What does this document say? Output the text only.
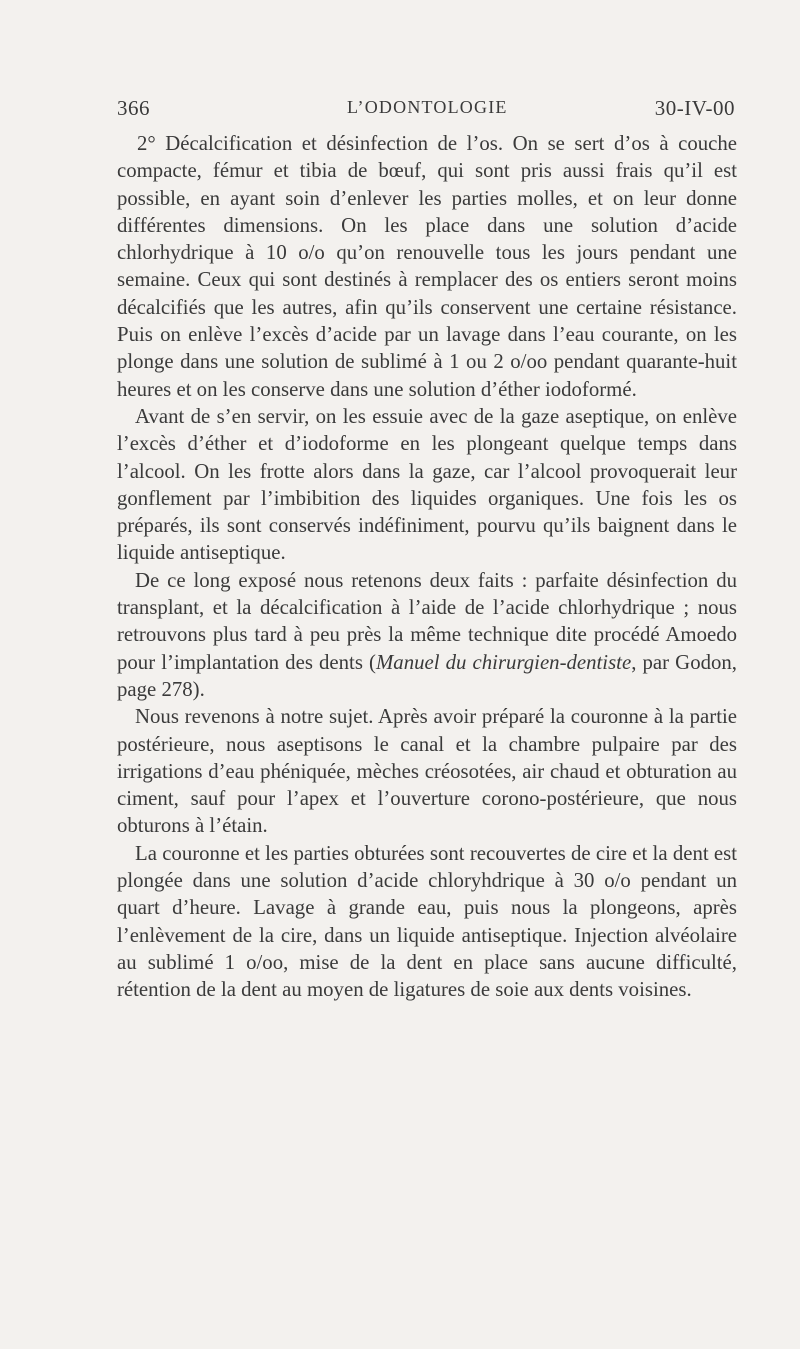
366	L’ODONTOLOGIE	30-IV-00

2° Décalcification et désinfection de l’os. On se sert d’os à couche compacte, fémur et tibia de bœuf, qui sont pris aussi frais qu’il est possible, en ayant soin d’enlever les parties molles, et on leur donne différentes dimensions. On les place dans une solution d’acide chlorhydrique à 10 o/o qu’on renouvelle tous les jours pendant une semaine. Ceux qui sont destinés à remplacer des os entiers seront moins décalcifiés que les autres, afin qu’ils conservent une certaine résistance. Puis on enlève l’excès d’acide par un lavage dans l’eau courante, on les plonge dans une solution de sublimé à 1 ou 2 o/oo pendant quarante-huit heures et on les conserve dans une solution d’éther iodoformé.

Avant de s’en servir, on les essuie avec de la gaze aseptique, on enlève l’excès d’éther et d’iodoforme en les plongeant quelque temps dans l’alcool. On les frotte alors dans la gaze, car l’alcool provoquerait leur gonflement par l’imbibition des liquides organiques. Une fois les os préparés, ils sont conservés indéfiniment, pourvu qu’ils baignent dans le liquide antiseptique.

De ce long exposé nous retenons deux faits : parfaite désinfection du transplant, et la décalcification à l’aide de l’acide chlorhydrique ; nous retrouvons plus tard à peu près la même technique dite procédé Amoedo pour l’implantation des dents (Manuel du chirurgien-dentiste, par Godon, page 278).

Nous revenons à notre sujet. Après avoir préparé la couronne à la partie postérieure, nous aseptisons le canal et la chambre pulpaire par des irrigations d’eau phéniquée, mèches créosotées, air chaud et obturation au ciment, sauf pour l’apex et l’ouverture corono-postérieure, que nous obturons à l’étain.

La couronne et les parties obturées sont recouvertes de cire et la dent est plongée dans une solution d’acide chloryhdrique à 30 o/o pendant un quart d’heure. Lavage à grande eau, puis nous la plongeons, après l’enlèvement de la cire, dans un liquide antiseptique. Injection alvéolaire au sublimé 1 o/oo, mise de la dent en place sans aucune difficulté, rétention de la dent au moyen de ligatures de soie aux dents voisines.
